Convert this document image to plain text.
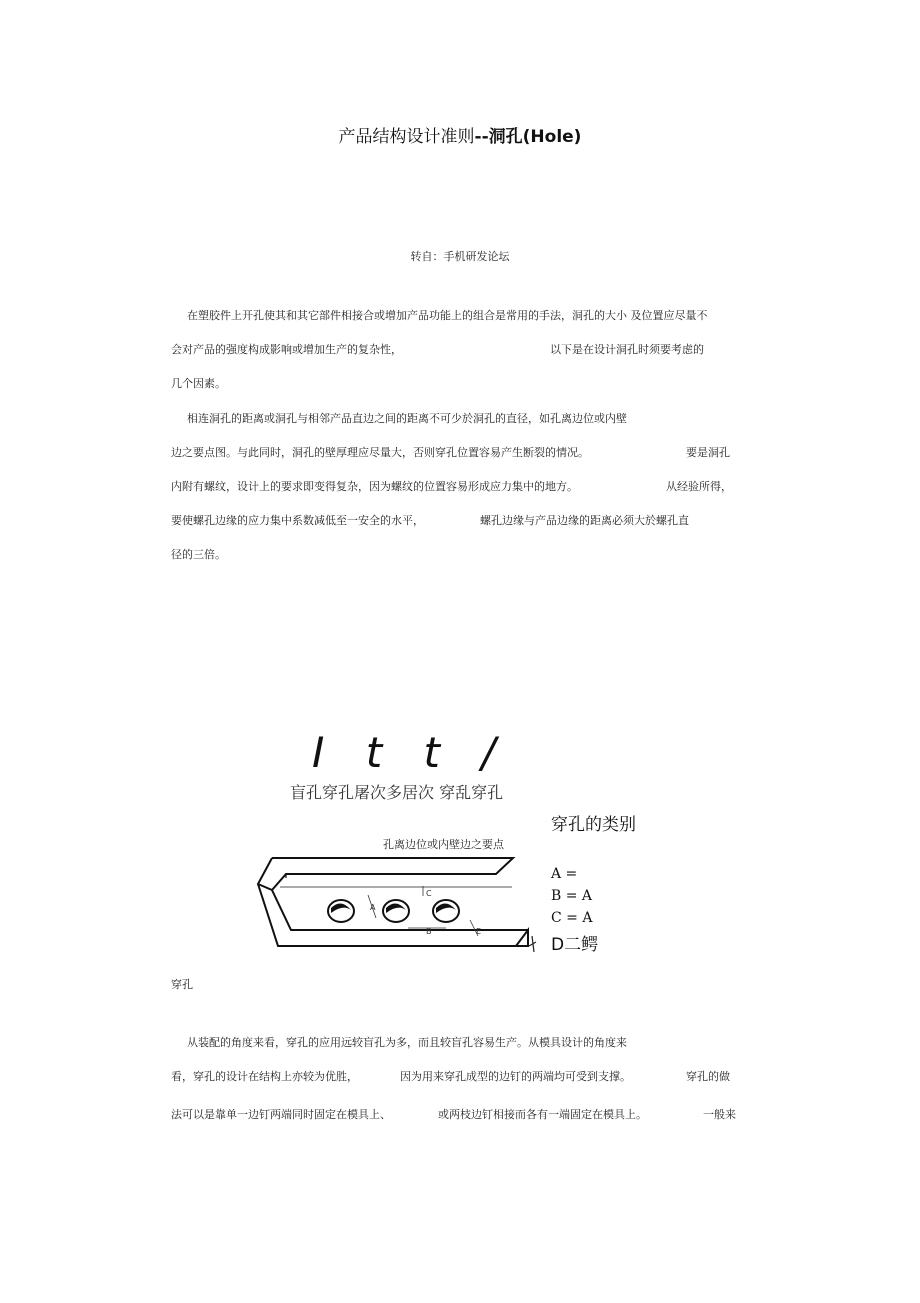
产品结构设计准则--洞孔(Hole)
转自：手机研发论坛
在塑胶件上开孔使其和其它部件相接合或增加产品功能上的组合是常用的手法，洞孔的大小 及位置应尽量不
会对产品的强度构成影响或增加生产的复杂性，	以下是在设计洞孔时须要考虑的
几个因素。
相连洞孔的距离或洞孔与相邻产品直边之间的距离不可少於洞孔的直径，如孔离边位或内壁
边之要点图。与此同时，洞孔的壁厚理应尽量大，否则穿孔位置容易产生断裂的情况。	要是洞孔
内附有螺纹，设计上的要求即变得复杂，因为螺纹的位置容易形成应力集中的地方。	从经验所得，
要使螺孔边缘的应力集中系数减低至一安全的水平，	螺孔边缘与产品边缘的距离必须大於螺孔直
径的三倍。
I t t /
盲孔穿孔屠次多居次 穿乱穿孔
穿孔的类别
孔离边位或内壁边之要点
A
C
B	E
A =
B = A
C = A
D二鳄
穿孔
从装配的角度来看，穿孔的应用远较盲孔为多，而且较盲孔容易生产。从模具设计的角度来
看，穿孔的设计在结构上亦较为优胜，	因为用来穿孔成型的边钉的两端均可受到支撑。	穿孔的做
法可以是靠单一边钉两端同时固定在模具上、	或两枝边钉相接而各有一端固定在模具上。	一般来
